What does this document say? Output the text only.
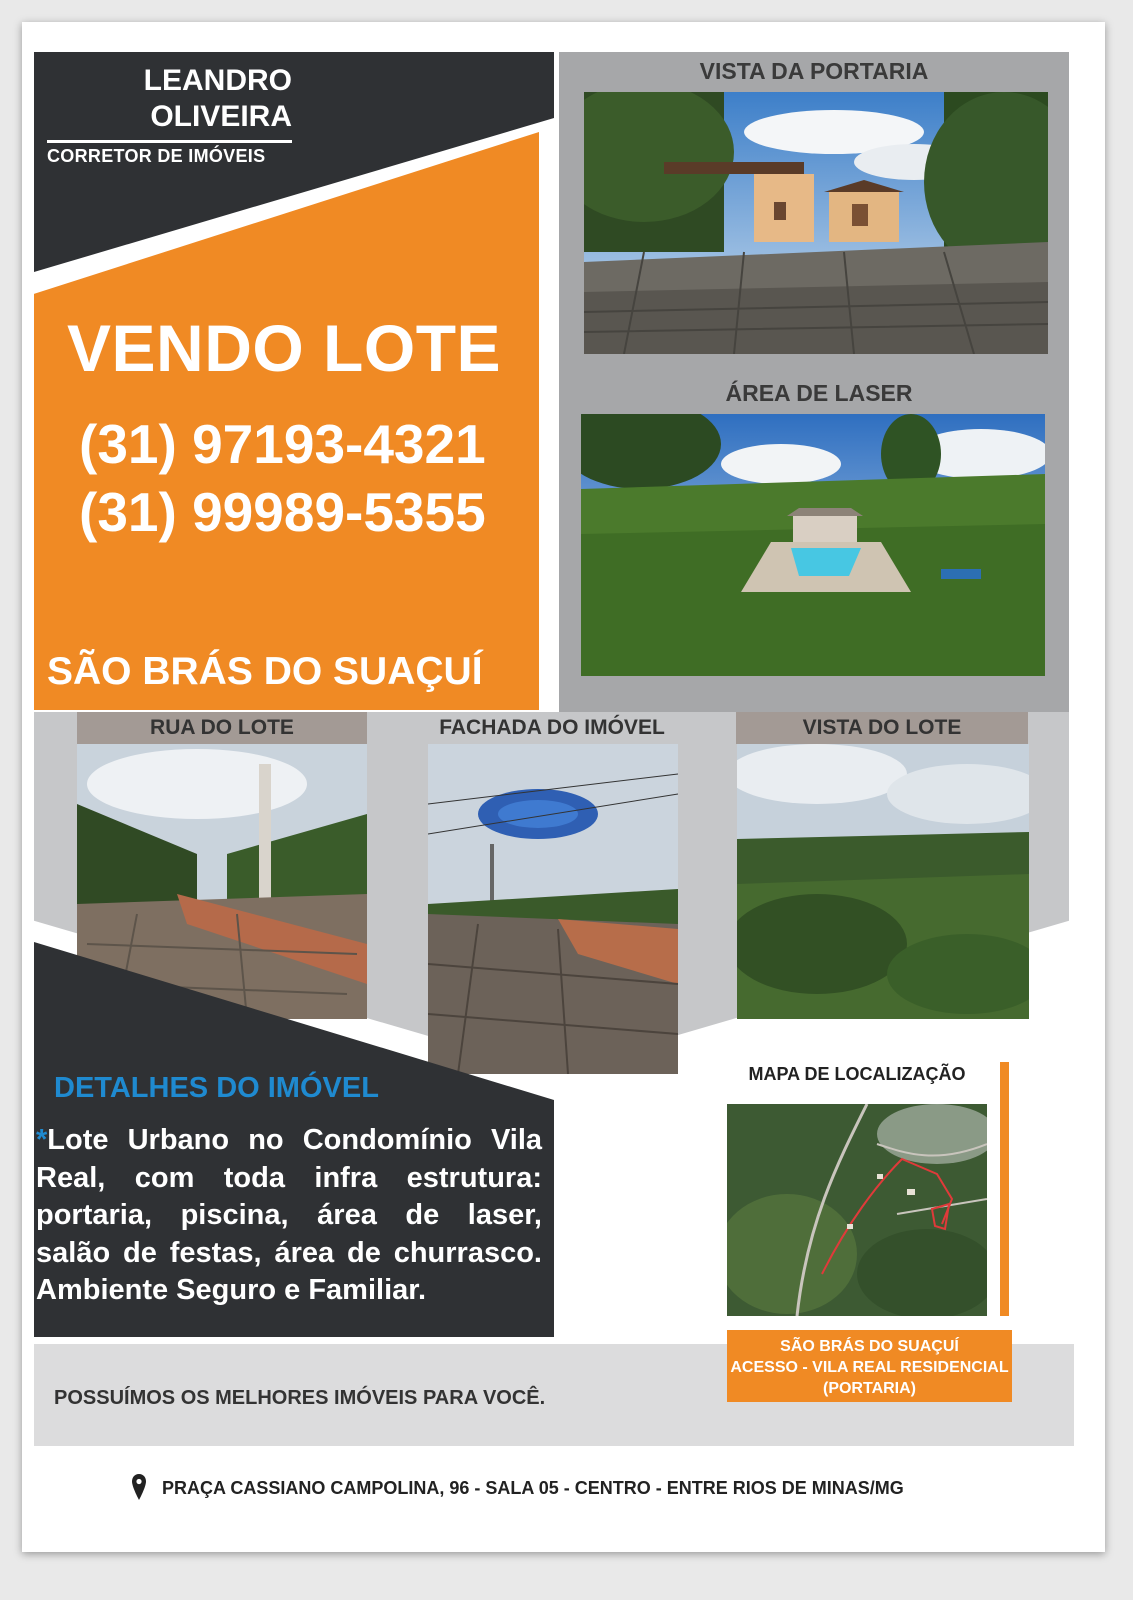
LEANDRO
OLIVEIRA
CORRETOR DE IMÓVEIS
VENDO LOTE
(31) 97193-4321
(31) 99989-5355
SÃO BRÁS DO SUAÇUÍ
VISTA DA PORTARIA
ÁREA DE LASER
RUA DO LOTE	FACHADA DO IMÓVEL	VISTA DO LOTE
DETALHES DO IMÓVEL
*Lote Urbano no Condomínio Vila Real, com toda infra estrutura: portaria, piscina, área de laser, salão de festas, área de churrasco. Ambiente Seguro e Familiar.
POSSUÍMOS OS MELHORES IMÓVEIS PARA VOCÊ.
MAPA DE LOCALIZAÇÃO
SÃO BRÁS DO SUAÇUÍ
ACESSO - VILA REAL RESIDENCIAL
(PORTARIA)
PRAÇA CASSIANO CAMPOLINA, 96 - SALA 05 - CENTRO - ENTRE RIOS DE MINAS/MG
